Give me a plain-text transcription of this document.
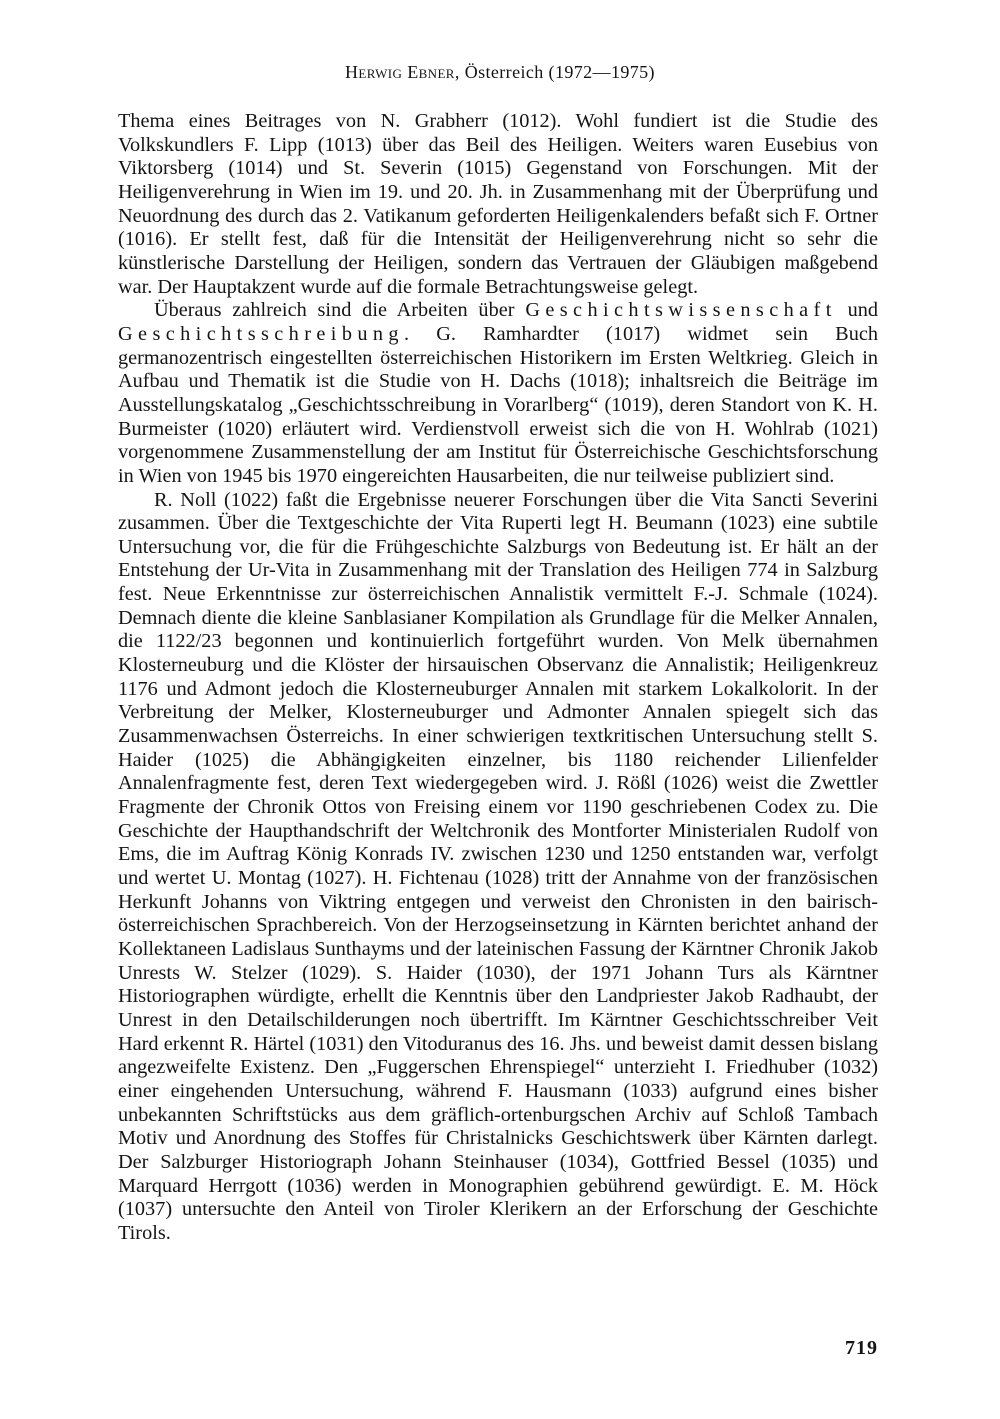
Herwig Ebner, Österreich (1972—1975)

Thema eines Beitrages von N. Grabherr (1012). Wohl fundiert ist die Studie des Volkskundlers F. Lipp (1013) über das Beil des Heiligen. Weiters waren Eusebius von Viktorsberg (1014) und St. Severin (1015) Gegenstand von Forschungen. Mit der Heiligenverehrung in Wien im 19. und 20. Jh. in Zusammenhang mit der Überprüfung und Neuordnung des durch das 2. Vatikanum geforderten Heiligenkalenders befaßt sich F. Ortner (1016). Er stellt fest, daß für die Intensität der Heiligenverehrung nicht so sehr die künstlerische Darstellung der Heiligen, sondern das Vertrauen der Gläubigen maßgebend war. Der Hauptakzent wurde auf die formale Betrachtungsweise gelegt.

Überaus zahlreich sind die Arbeiten über Geschichtswissenschaft und Geschichtsschreibung. G. Ramhardter (1017) widmet sein Buch germanozentrisch eingestellten österreichischen Historikern im Ersten Weltkrieg. Gleich in Aufbau und Thematik ist die Studie von H. Dachs (1018); inhaltsreich die Beiträge im Ausstellungskatalog „Geschichtsschreibung in Vorarlberg“ (1019), deren Standort von K. H. Burmeister (1020) erläutert wird. Verdienstvoll erweist sich die von H. Wohlrab (1021) vorgenommene Zusammenstellung der am Institut für Österreichische Geschichtsforschung in Wien von 1945 bis 1970 eingereichten Hausarbeiten, die nur teilweise publiziert sind.

R. Noll (1022) faßt die Ergebnisse neuerer Forschungen über die Vita Sancti Severini zusammen. Über die Textgeschichte der Vita Ruperti legt H. Beumann (1023) eine subtile Untersuchung vor, die für die Frühgeschichte Salzburgs von Bedeutung ist. Er hält an der Entstehung der Ur-Vita in Zusammenhang mit der Translation des Heiligen 774 in Salzburg fest. Neue Erkenntnisse zur österreichischen Annalistik vermittelt F.-J. Schmale (1024). Demnach diente die kleine Sanblasianer Kompilation als Grundlage für die Melker Annalen, die 1122/23 begonnen und kontinuierlich fortgeführt wurden. Von Melk übernahmen Klosterneuburg und die Klöster der hirsauischen Observanz die Annalistik; Heiligenkreuz 1176 und Admont jedoch die Klosterneuburger Annalen mit starkem Lokalkolorit. In der Verbreitung der Melker, Klosterneuburger und Admonter Annalen spiegelt sich das Zusammenwachsen Österreichs. In einer schwierigen textkritischen Untersuchung stellt S. Haider (1025) die Abhängigkeiten einzelner, bis 1180 reichender Lilienfelder Annalenfragmente fest, deren Text wiedergegeben wird. J. Rößl (1026) weist die Zwettler Fragmente der Chronik Ottos von Freising einem vor 1190 geschriebenen Codex zu. Die Geschichte der Haupthandschrift der Weltchronik des Montforter Ministerialen Rudolf von Ems, die im Auftrag König Konrads IV. zwischen 1230 und 1250 entstanden war, verfolgt und wertet U. Montag (1027). H. Fichtenau (1028) tritt der Annahme von der französischen Herkunft Johanns von Viktring entgegen und verweist den Chronisten in den bairisch-österreichischen Sprachbereich. Von der Herzogseinsetzung in Kärnten berichtet anhand der Kollektaneen Ladislaus Sunthayms und der lateinischen Fassung der Kärntner Chronik Jakob Unrests W. Stelzer (1029). S. Haider (1030), der 1971 Johann Turs als Kärntner Historiographen würdigte, erhellt die Kenntnis über den Landpriester Jakob Radhaubt, der Unrest in den Detailschilderungen noch übertrifft. Im Kärntner Geschichtsschreiber Veit Hard erkennt R. Härtel (1031) den Vitoduranus des 16. Jhs. und beweist damit dessen bislang angezweifelte Existenz. Den „Fuggerschen Ehrenspiegel“ unterzieht I. Friedhuber (1032) einer eingehenden Untersuchung, während F. Hausmann (1033) aufgrund eines bisher unbekannten Schriftstücks aus dem gräflich-ortenburgschen Archiv auf Schloß Tambach Motiv und Anordnung des Stoffes für Christalnicks Geschichtswerk über Kärnten darlegt. Der Salzburger Historiograph Johann Steinhauser (1034), Gottfried Bessel (1035) und Marquard Herrgott (1036) werden in Monographien gebührend gewürdigt. E. M. Höck (1037) untersuchte den Anteil von Tiroler Klerikern an der Erforschung der Geschichte Tirols.

719
